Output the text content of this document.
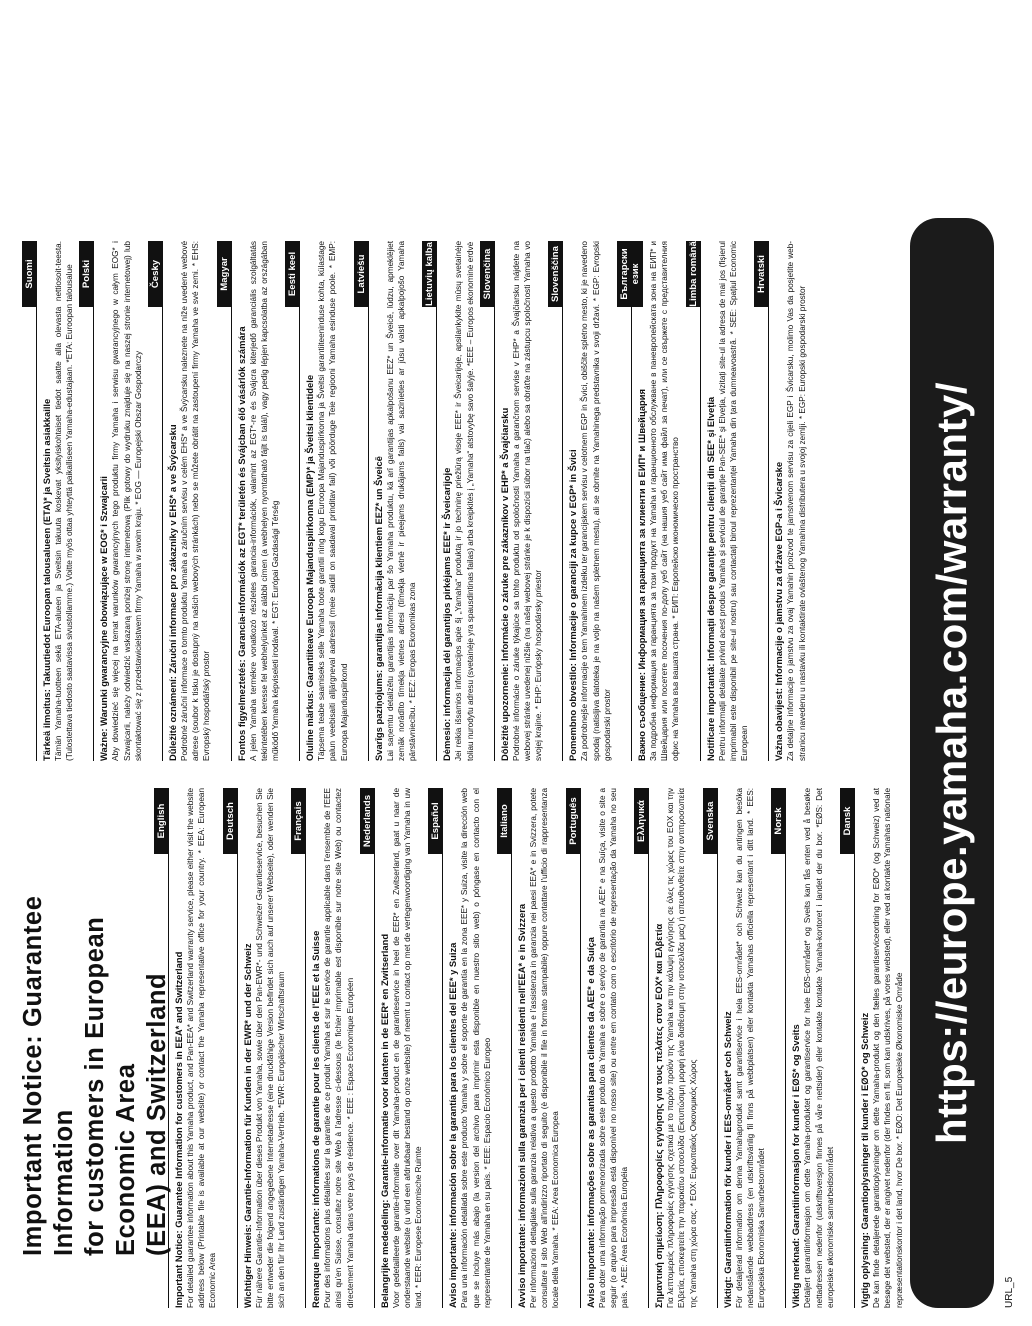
Important Notice: Guarantee Information for customers in European Economic Area (EEA) and Switzerland
English
Important Notice: Guarantee Information for customers in EEA* and Switzerland For detailed guarantee information about this Yamaha product, and Pan-EEA* and Switzerland warranty service, please either visit the website address below (Printable file is available at our website) or contact the Yamaha representative office for your country. * EEA: European Economic Area
Deutsch
Wichtiger Hinweis: Garantie-Information für Kunden in der EWR* und der Schweiz Für nähere Garantie-Information über dieses Produkt von Yamaha, sowie über den Pan-EWR*- und Schweizer Garantieservice, besuchen Sie bitte entweder die folgend angegebene Internetadresse (eine druckfähige Version befindet sich auch auf unserer Webseite), oder wenden Sie sich an den für Ihr Land zuständigen Yamaha-Vertrieb. *EWR: Europäischer Wirtschaftsraum
Français
Remarque importante: informations de garantie pour les clients de l'EEE et la Suisse Pour des informations plus détaillées sur la garantie de ce produit Yamaha et sur le service de garantie applicable dans l'ensemble de l'EEE ainsi qu'en Suisse, consultez notre site Web à l'adresse ci-dessous (le fichier imprimable est disponible sur notre site Web) ou contactez directement Yamaha dans votre pays de résidence. * EEE : Espace Economique Européen
Nederlands
Belangrijke mededeling: Garantie-informatie voor klanten in de EER* en Zwitserland Voor gedetailleerde garantie-informatie over dit Yamaha-product en de garantieservice in heel de EER* en Zwitserland, gaat u naar de onderstaande website (u vind een afdrukbaar bestand op onze website) of neemt u contact op met de vertegenwoordiging van Yamaha in uw land. * EER: Europese Economische Ruimte
Español
Aviso importante: información sobre la garantía para los clientes del EEE* y Suiza Para una información detallada sobre este producto Yamaha y sobre el soporte de garantía en la zona EEE* y Suiza, visite la dirección web que se incluye más abajo (la version del archivo para imprimir esta disponible en nuestro sitio web) o póngase en contacto con el representante de Yamaha en su país. * EEE: Espacio Económico Europeo
Italiano
Avviso importante: informazioni sulla garanzia per i clienti residenti nell'EEA* e in Svizzera Per informazioni dettagliate sulla garanzia relativa a questo prodotto Yamaha e l'assistenza in garanzia nei paesi EEA* e in Svizzera, potete consultare il sito Web all'indirizzo riportato di seguito (è disponibile il file in formato stampabile) oppure contattare l'ufficio di rappresentanza locale della Yamaha. * EEA: Area Economica Europea
Português
Aviso importante: informações sobre as garantias para clientes da AEE* e da Suíça Para obter uma informação pormenorizada sobre este produto da Yamaha e sobre o serviço de garantia na AEE* e na Suíça, visite o site a seguir (o arquivo para impressão está disponível no nosso site) ou entre em contato com o escritório de representação da Yamaha no seu país. * AEE: Área Econômica Européia
Ελληνικά
Σημαντική σημείωση: Πληροφορίες εγγύησης για τους πελάτες στον ΕΟΧ* και Ελβετία Για λεπτομερείς πληροφορίες εγγύησης σχετικά με το παρόν προϊόν της Yamaha και την κάλυψη εγγύησης σε όλες τις χώρες του ΕΟΧ και την Ελβετία, επισκεφτείτε την παρακάτω ιστοσελίδα (Εκτυπώσιμη μορφή είναι διαθέσιμη στην ιστοσελίδα μας) ή απευθυνθείτε στην αντιπροσωπεία της Yamaha στη χώρα σας. * ΕΟΧ: Ευρωπαϊκός Οικονομικός Χώρος
Svenska
Viktigt: Garantiinformation för kunder i EES-området* och Schweiz För detaljerad information om denna Yamahaprodukt samt garantiservice i hela EES-området* och Schweiz kan du antingen besöka nedanstående webbaddress (en utskriftsvänlig fil finns på webbplatsen) eller kontakta Yamahas officiella representant i ditt land. * EES: Europeiska Ekonomiska Samarbetsområdet
Norsk
Viktig merknad: Garantiinformasjon for kunder i EØS* og Sveits Detaljert garantiinformasjon om dette Yamaha-produktet og garantiservice for hele EØS-området* og Sveits kan fås enten ved å besøke nettadressen nedenfor (utskriftsversjon finnes på våre nettsider) eller kontakte kontakte Yamaha-kontoret i landet der du bor. *EØS: Det europeiske økonomiske samarbeidsområdet
Dansk
Vigtig oplysning: Garantioplysninger til kunder i EØO* og Schweiz De kan finde detaljerede garantioplysninger om dette Yamaha-produkt og den fælles garantiserviceordning for EØO* (og Schweiz) ved at besøge det websted, der er angivet nedenfor (der findes en fil, som kan udskrives, på vores websted), eller ved at kontakte Yamahas nationale repræsentationskontor i det land, hvor De bor. * EØO: Det Europæiske Økonomiske Område
Suomi
Tärkeä ilmoitus: Takuutiedot Euroopan talousalueen (ETA)* ja Sveitsin asiakkaille Tämän Yamaha-tuotteen sekä ETA-alueen ja Sveitsin takuuta koskevat yksityiskohtaiset tiedot saatte alla olevasta nettiosoit-teesta. (Tulostettava tiedosto saatavissa sivustollamme.) Voitte myös ottaa yhteyttä paikalliseen Yamaha-edustajaan. *ETA: Euroopan talousalue Polski
Ważne: Warunki gwarancyjne obowiązujące w EOG* i Szwajcarii Aby dowiedzieć się więcej na temat warunków gwarancyjnych tego produktu firmy Yamaha i serwisu gwarancyjnego w całym EOG* i Szwajcarii, należy odwiedzić wskazaną poniżej stronę internetową (Plik gotowy do wydruku znajduje się na naszej stronie internetowej) lub skontaktować się z przedstawicielstwem firmy Yamaha w swoim kraju. * EOG — Europejski Obszar Gospodarczy
Česky
Důležité oznámení: Záruční informace pro zákazníky v EHS* a ve Švýcarsku Podrobné záruční informace o tomto produktu Yamaha a záručním servisu v celém EHS* a ve Švýcarsku naleznete na níže uvedené webové adrese (soubor k tisku je dostupný na našich webových stránkách) nebo se můžete obrátit na zastoupení firmy Yamaha ve své zemi. * EHS: Evropský hospodářský prostor
Magyar
Fontos figyelmeztetés: Garancia-információk az EGT* területén és Svájcban élő vásárlók számára A jelen Yamaha termékre vonatkozó részletes garancia-információk, valamint az EGT*-re és Svájcra kiterjedő garanciális szolgáltatás tekintetében keresse fel webhelyünket az alábbi címen (a webhelyen nyomtatható fájlt is talál), vagy pedig lépjen kapcsolatba az országában működő Yamaha képviseleti irodával. * EGT: Európai Gazdasági Térség
Eesti keel
Oluline märkus: Garantiiteave Euroopa Majanduspiirkonna (EMP)* ja Šveitsi klientidele Täpsema teabe saamiseks selle Yamaha toote garantii ning kogu Euroopa Majanduspiirkonna ja Šveitsi garantiiteeninduse kohta, külastage palun veebisaiti alljärgneval aadressil (meie saidil on saadaval prinditav fail) või pöörduge Teie regiooni Yamaha esinduse poole. * EMP: Euroopa Majanduspiirkond
Latviešu
Svarīgs paziņojums: garantijas informācija klientiem EEZ* un Šveicē Lai saņemtu detalizētu garantijas informāciju par šo Yamaha produktu, kā arī garantijas apkalpošanu EEZ* un Šveicē, lūdzu, apmeklējiet zemāk norādīto tīmekļa vietnes adresi (tīmekļa vietnē ir pieejams drukājams fails) vai sazinieties ar jūsu valsti apkalpojošo Yamaha pārstāvniecību. * EEZ: Eiropas Ekonomikas zona
Lietuvių kalba
Dėmesio: informacija dėl garantijos pirkėjams EEE* ir Šveicarijoje Jei reikia išsamios informacijos apie šį „Yamaha“ produktą ir jo techninę priežiūrą visoje EEE* ir Šveicarijoje, apsilankykite mūsų svetainėje toliau nurodytu adresu (svetainėje yra spausdintinas failas) arba kreipkitės į „Yamaha“ atstovybę savo šalyje. *EEE – Europos ekonominė erdvė Slovenčina
Dôležité upozornenie: Informácie o záruke pre zákazníkov v EHP* a Švajčiarsku Podrobné informácie o záruke týkajúce sa tohto produktu od spoločnosti Yamaha a garančnom servise v EHP* a Švajčiarsku nájdete na webovej stránke uvedenej nižšie (na našej webovej stránke je k dispozícii súbor na tlač) alebo sa obráťte na zástupcu spoločnosti Yamaha vo svojej krajine. * EHP: Európsky hospodársky priestor
Slovenščina
Pomembno obvestilo: Informacije o garanciji za kupce v EGP* in Švici Za podrobnejše informacije o tem Yamahinem izdelku ter garancijskem servisu v celotnem EGP in Švici, obiščite spletno mesto, ki je navedeno spodaj (natisljiva datoteka je na voljo na našem spletnem mestu), ali se obrnite na Yamahinega predstavnika v svoji državi. * EGP: Evropski gospodarski prostor
Български език
Важно съобщение: Информация за гаранцията за клиенти в ЕИП* и Швейцария За подробна информация за гаранцията за този продукт на Yamaha и гаранционното обслужване в паневропейската зона на ЕИП* и Швейцария или посетете посочения по-долу уеб сайт (на нашия уеб сайт има файл за печат), или се свържете с представителния офис на Yamaha във вашата страна. * ЕИП: Европейско икономическо пространство
Limba română
Notificare importantă: Informații despre garanție pentru clienții din SEE* și Elveția Pentru informații detaliate privind acest produs Yamaha și serviciul de garanție Pan-SEE* și Elveția, vizitați site-ul la adresa de mai jos (fișierul imprimabil este disponibil pe site-ul nostru) sau contactați biroul reprezentanței Yamaha din țara dumneavoastră. * SEE: Spațiul Economic European
Hrvatski
Važna obavijest: Informacije o jamstvu za države EGP-a i Švicarske Za detaljne informacije o jamstvu za ovaj Yamahin proizvod te jamstvenom servisu za cijeli EGP i Švicarsku, molimo Vas da posjetite web-stranicu navedenu u nastavku ili kontaktirate ovlaštenog Yamahina distributera u svojoj zemlji. * EGP: Europski gospodarski prostor	https://europe.yamaha.com/warranty/
URL_5
